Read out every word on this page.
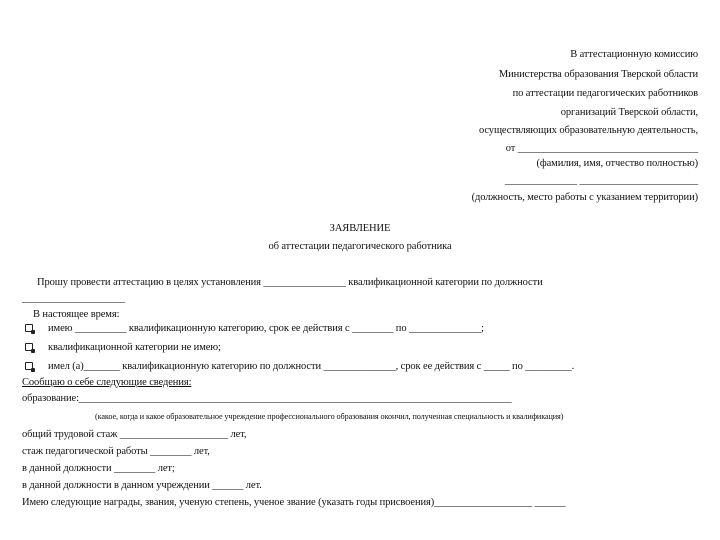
В аттестационную комиссию
Министерства образования Тверской области
по аттестации педагогических работников
организаций Тверской области,
осуществляющих образовательную деятельность,
от ___________________________________
(фамилия, имя, отчество полностью)
______________ _______________________
(должность, место работы с указанием территории)
ЗАЯВЛЕНИЕ
об аттестации педагогического работника
Прошу провести аттестацию в целях установления ________________ квалификационной категории по должности
____________________
В настоящее время:
имею __________ квалификационную категорию, срок ее действия с ________ по ______________;
квалификационной категории не имею;
имел (а)_______ квалификационную категорию по должности ______________, срок ее действия с _____ по _________.
Сообщаю о себе следующие сведения:
образование:____________________________________________________________________________________
(какое, когда и какое образовательное учреждение профессионального образования окончил, полученная специальность и квалификация)
общий трудовой стаж _____________________ лет,
стаж педагогической работы ________ лет,
в данной должности ________ лет;
в данной должности в данном учреждении ______ лет.
Имею следующие награды, звания, ученую степень, ученое звание (указать годы присвоения)___________________ ______
